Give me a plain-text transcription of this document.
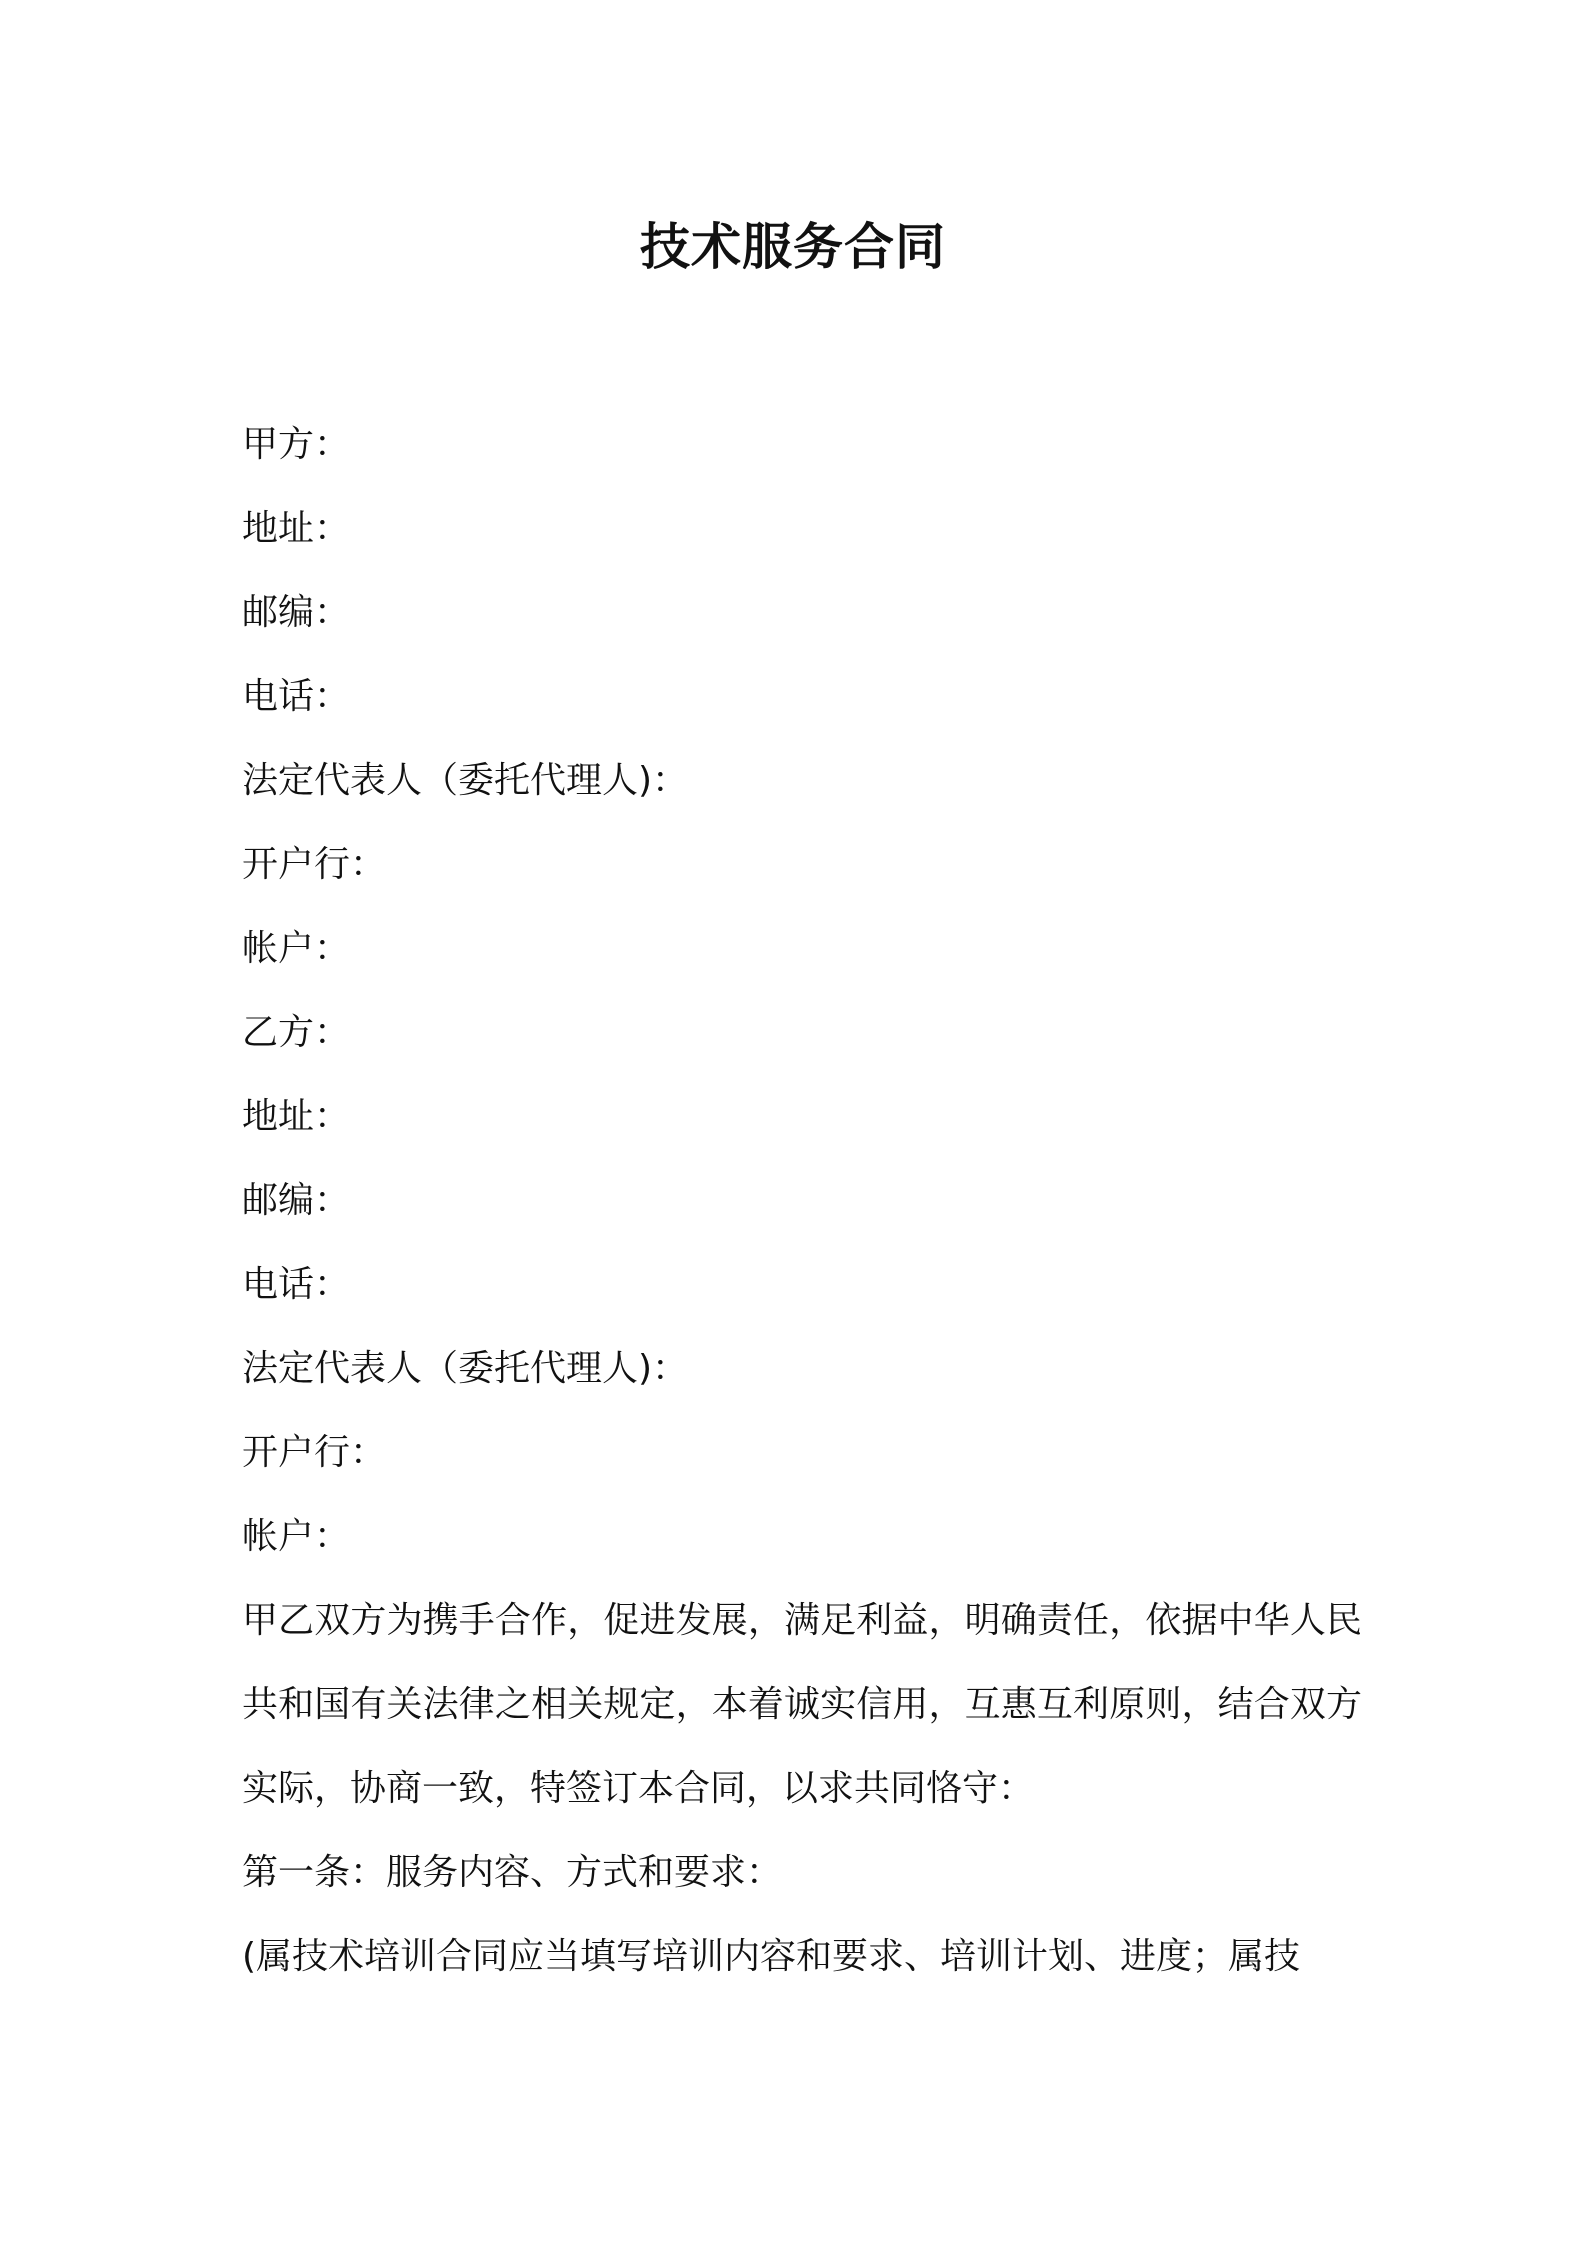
技术服务合同
甲方：
地址：
邮编：
电话：
法定代表人（委托代理人)：
开户行：
帐户：
乙方：
地址：
邮编：
电话：
法定代表人（委托代理人)：
开户行：
帐户：
甲乙双方为携手合作，促进发展，满足利益，明确责任，依据中华人民共和国有关法律之相关规定，本着诚实信用，互惠互利原则，结合双方实际，协商一致，特签订本合同，以求共同恪守：
第一条：服务内容、方式和要求：
(属技术培训合同应当填写培训内容和要求、培训计划、进度；属技
